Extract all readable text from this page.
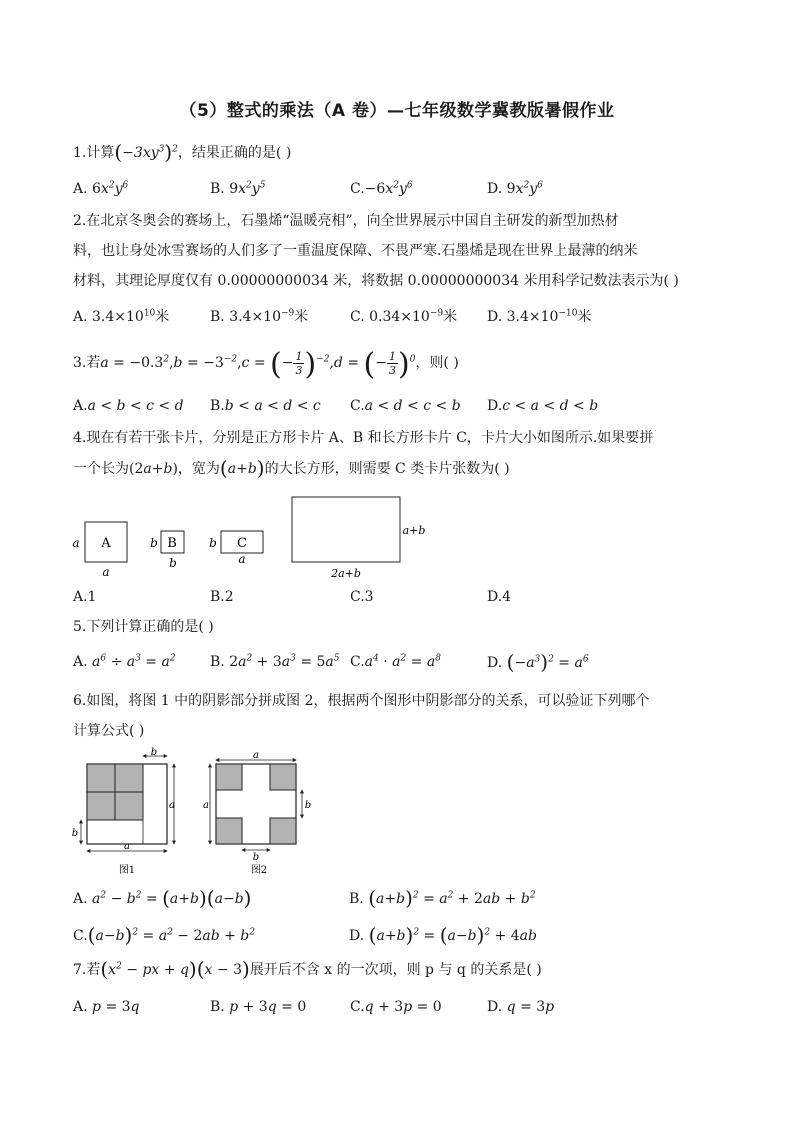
（5）整式的乘法（A 卷）—七年级数学冀教版暑假作业
1.计算$(-3xy^3)^2$，结果正确的是( )
A. $6x^2y^6$	B. $9x^2y^5$	$C.-6x^2y^6$	D. $9x^2y^6$
2.在北京冬奥会的赛场上，石墨烯“温暖亮相”，向全世界展示中国自主研发的新型加热材
料，也让身处冰雪赛场的人们多了一重温度保障、不畏严寒.石墨烯是现在世界上最薄的纳米
材料，其理论厚度仅有 0.00000000034 米，将数据 0.00000000034 米用科学记数法表示为( )
A. $3.4\times 10^{10}$米	B. $3.4\times 10^{-9}$米	C. $0.34\times 10^{-9}$米 D. $3.4\times 10^{-10}$米
3.若$a = -0.3^2,b = -3^{-2},c$ = (− $\frac{1}{3} )^{-2},d$ = (− $\frac{1}{3} )^0$，则( )
A.a < b < c < d B.b < a < d < c C.a < d < c < b D.c < a < d < b
4.现在有若干张卡片，分别是正方形卡片 A、B 和长方形卡片 C，卡片大小如图所示.如果要拼
一个长为(2a+b)，宽为(a+b)的大长方形，则需要 C 类卡片张数为( )
A
a
a
B
b
b
C
b
a
a+b
2a+b
A.1	B.2	C.3	D.4
5.下列计算正确的是( )
A. $a^6 \div a^3 = a^2$ B. $2a^2 + 3a^3 = 5a^5$ $C.a^4 \cdot a^2 = a^8$	D. $(-a^3)^2 = a^6$
6.如图，将图 1 中的阴影部分拼成图 2，根据两个图形中阴影部分的关系，可以验证下列哪个
计算公式( )
b
a
a
b
图1
a
a	b
b
图2
A. $a^2 - b^2 = (a+b)(a-b)$	B. $(a+b)^2 = a^2 + 2ab + b^2$
$C.(a-b)^2 = a^2 - 2ab + b^2$	D. $(a+b)^2 = (a-b)^2 + 4ab$
7.若($x^2$ − px + q)(x − 3)展开后不含 x 的一次项，则 p 与 q 的关系是( )
A. p = 3q	B. p + 3q = 0	C.q + 3p = 0	D. q = 3p
